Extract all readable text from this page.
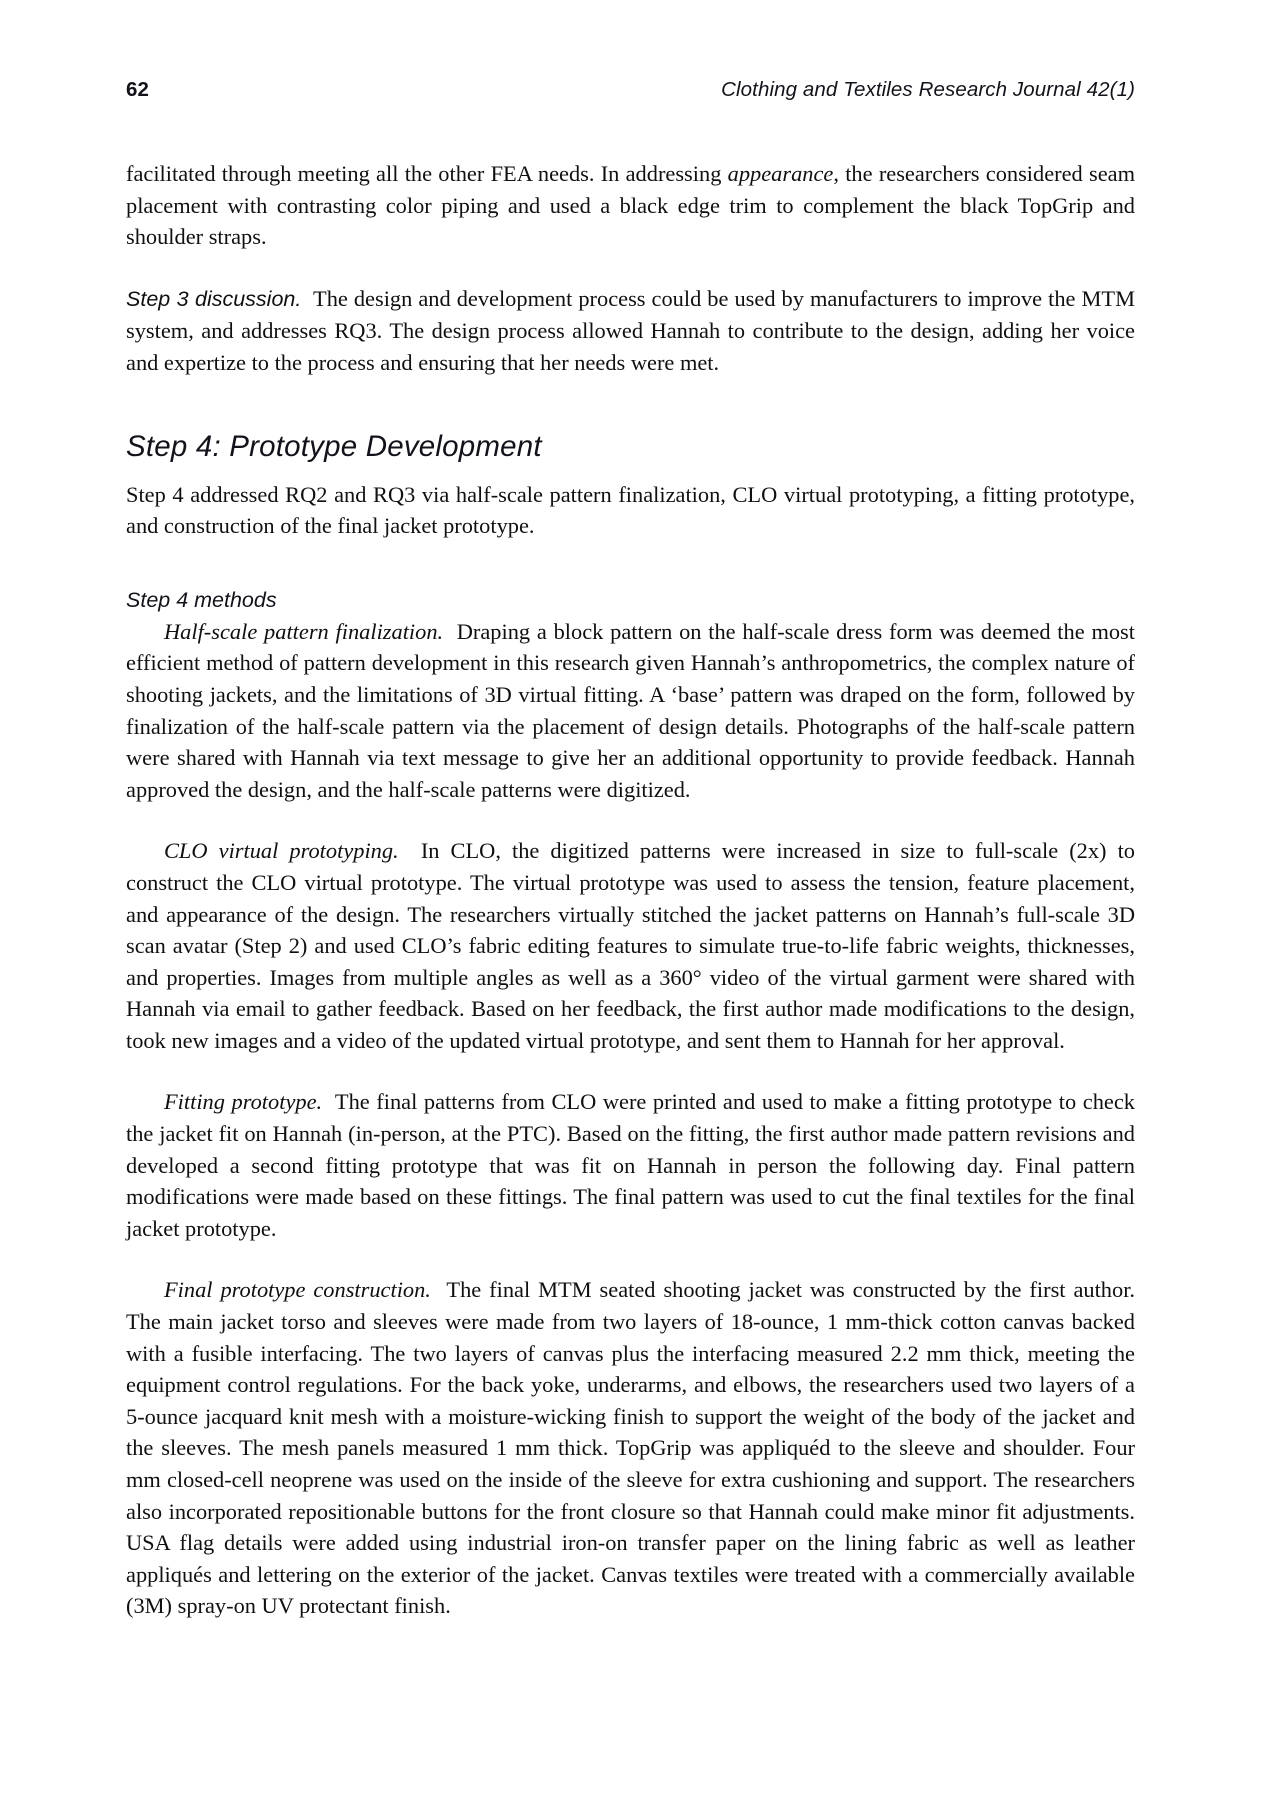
62	Clothing and Textiles Research Journal 42(1)

facilitated through meeting all the other FEA needs. In addressing appearance, the researchers considered seam placement with contrasting color piping and used a black edge trim to complement the black TopGrip and shoulder straps.

Step 3 discussion. The design and development process could be used by manufacturers to improve the MTM system, and addresses RQ3. The design process allowed Hannah to contribute to the design, adding her voice and expertize to the process and ensuring that her needs were met.

Step 4: Prototype Development

Step 4 addressed RQ2 and RQ3 via half-scale pattern finalization, CLO virtual prototyping, a fitting prototype, and construction of the final jacket prototype.

Step 4 methods

Half-scale pattern finalization. Draping a block pattern on the half-scale dress form was deemed the most efficient method of pattern development in this research given Hannah’s anthropometrics, the complex nature of shooting jackets, and the limitations of 3D virtual fitting. A ‘base’ pattern was draped on the form, followed by finalization of the half-scale pattern via the placement of design details. Photographs of the half-scale pattern were shared with Hannah via text message to give her an additional opportunity to provide feedback. Hannah approved the design, and the half-scale patterns were digitized.

CLO virtual prototyping. In CLO, the digitized patterns were increased in size to full-scale (2x) to construct the CLO virtual prototype. The virtual prototype was used to assess the tension, feature placement, and appearance of the design. The researchers virtually stitched the jacket patterns on Hannah’s full-scale 3D scan avatar (Step 2) and used CLO’s fabric editing features to simulate true-to-life fabric weights, thicknesses, and properties. Images from multiple angles as well as a 360° video of the virtual garment were shared with Hannah via email to gather feedback. Based on her feedback, the first author made modifications to the design, took new images and a video of the updated virtual prototype, and sent them to Hannah for her approval.

Fitting prototype. The final patterns from CLO were printed and used to make a fitting prototype to check the jacket fit on Hannah (in-person, at the PTC). Based on the fitting, the first author made pattern revisions and developed a second fitting prototype that was fit on Hannah in person the following day. Final pattern modifications were made based on these fittings. The final pattern was used to cut the final textiles for the final jacket prototype.

Final prototype construction. The final MTM seated shooting jacket was constructed by the first author. The main jacket torso and sleeves were made from two layers of 18-ounce, 1 mm-thick cotton canvas backed with a fusible interfacing. The two layers of canvas plus the interfacing measured 2.2 mm thick, meeting the equipment control regulations. For the back yoke, underarms, and elbows, the researchers used two layers of a 5-ounce jacquard knit mesh with a moisture-wicking finish to support the weight of the body of the jacket and the sleeves. The mesh panels measured 1 mm thick. TopGrip was appliquéd to the sleeve and shoulder. Four mm closed-cell neoprene was used on the inside of the sleeve for extra cushioning and support. The researchers also incorporated repositionable buttons for the front closure so that Hannah could make minor fit adjustments. USA flag details were added using industrial iron-on transfer paper on the lining fabric as well as leather appliqués and lettering on the exterior of the jacket. Canvas textiles were treated with a commercially available (3M) spray-on UV protectant finish.
